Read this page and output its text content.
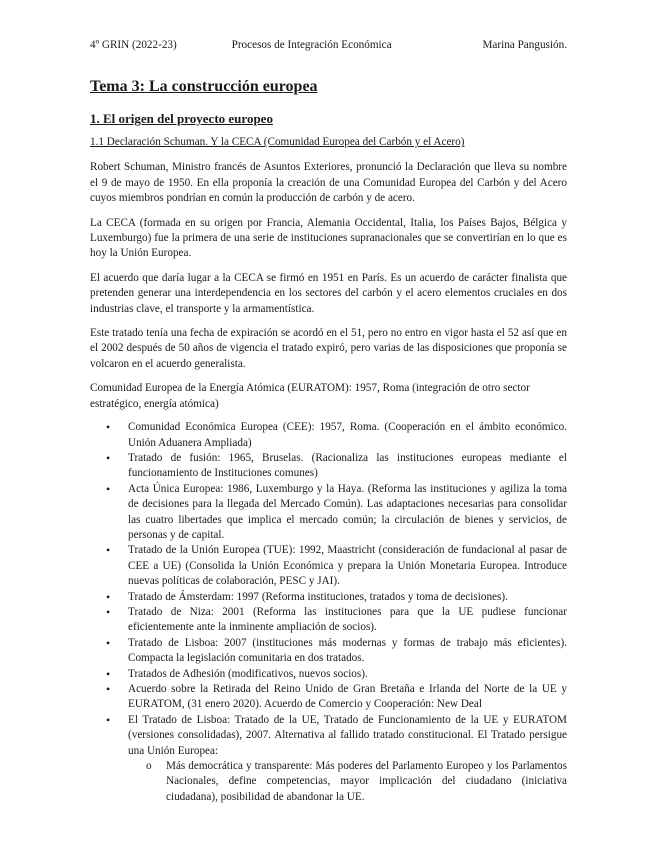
4º GRIN (2022-23)	Procesos de Integración Económica	Marina Pangusión.
Tema 3: La construcción europea
1. El origen del proyecto europeo
1.1 Declaración Schuman. Y la CECA (Comunidad Europea del Carbón y el Acero)

Robert Schuman, Ministro francés de Asuntos Exteriores, pronunció la Declaración que lleva su nombre el 9 de mayo de 1950. En ella proponía la creación de una Comunidad Europea del Carbón y del Acero cuyos miembros pondrían en común la producción de carbón y de acero.

La CECA (formada en su origen por Francia, Alemania Occidental, Italia, los Países Bajos, Bélgica y Luxemburgo) fue la primera de una serie de instituciones supranacionales que se convertirían en lo que es hoy la Unión Europea.

El acuerdo que daría lugar a la CECA se firmó en 1951 en París. Es un acuerdo de carácter finalista que pretenden generar una interdependencia en los sectores del carbón y el acero elementos cruciales en dos industrias clave, el transporte y la armamentística.

Este tratado tenía una fecha de expiración se acordó en el 51, pero no entro en vigor hasta el 52 así que en el 2002 después de 50 años de vigencia el tratado expiró, pero varias de las disposiciones que proponía se volcaron en el acuerdo generalista.

Comunidad Europea de la Energía Atómica (EURATOM): 1957, Roma (integración de otro sector estratégico, energía atómica)

• Comunidad Económica Europea (CEE): 1957, Roma. (Cooperación en el ámbito económico. Unión Aduanera Ampliada)
• Tratado de fusión: 1965, Bruselas. (Racionaliza las instituciones europeas mediante el funcionamiento de Instituciones comunes)
• Acta Única Europea: 1986, Luxemburgo y la Haya. (Reforma las instituciones y agiliza la toma de decisiones para la llegada del Mercado Común). Las adaptaciones necesarias para consolidar las cuatro libertades que implica el mercado común; la circulación de bienes y servicios, de personas y de capital.
• Tratado de la Unión Europea (TUE): 1992, Maastricht (consideración de fundacional al pasar de CEE a UE) (Consolida la Unión Económica y prepara la Unión Monetaria Europea. Introduce nuevas políticas de colaboración, PESC y JAI).
• Tratado de Ámsterdam: 1997 (Reforma instituciones, tratados y toma de decisiones).
• Tratado de Niza: 2001 (Reforma las instituciones para que la UE pudiese funcionar eficientemente ante la inminente ampliación de socios).
• Tratado de Lisboa: 2007 (instituciones más modernas y formas de trabajo más eficientes). Compacta la legislación comunitaria en dos tratados.
• Tratados de Adhesión (modificativos, nuevos socios).
• Acuerdo sobre la Retirada del Reino Unido de Gran Bretaña e Irlanda del Norte de la UE y EURATOM, (31 enero 2020). Acuerdo de Comercio y Cooperación: New Deal
• El Tratado de Lisboa: Tratado de la UE, Tratado de Funcionamiento de la UE y EURATOM (versiones consolidadas), 2007. Alternativa al fallido tratado constitucional. El Tratado persigue una Unión Europea:
o Más democrática y transparente: Más poderes del Parlamento Europeo y los Parlamentos Nacionales, define competencias, mayor implicación del ciudadano (iniciativa ciudadana), posibilidad de abandonar la UE.
